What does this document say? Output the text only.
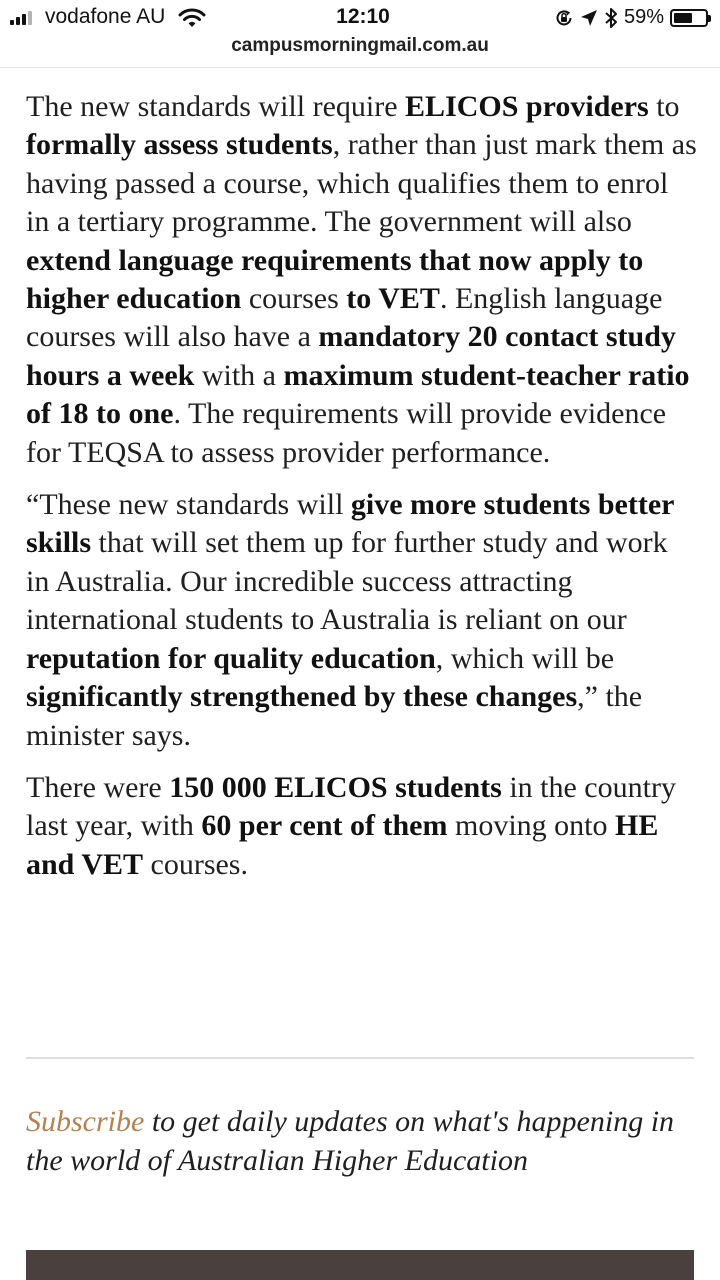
vodafone AU	12:10	59%
campusmorningmail.com.au

The new standards will require ELICOS providers to formally assess students, rather than just mark them as having passed a course, which qualifies them to enrol in a tertiary programme. The government will also extend language requirements that now apply to higher education courses to VET. English language courses will also have a mandatory 20 contact study hours a week with a maximum student-teacher ratio of 18 to one. The requirements will provide evidence for TEQSA to assess provider performance.

“These new standards will give more students better skills that will set them up for further study and work in Australia. Our incredible success attracting international students to Australia is reliant on our reputation for quality education, which will be significantly strengthened by these changes,” the minister says.

There were 150 000 ELICOS students in the country last year, with 60 per cent of them moving onto HE and VET courses.

Subscribe to get daily updates on what's happening in the world of Australian Higher Education
